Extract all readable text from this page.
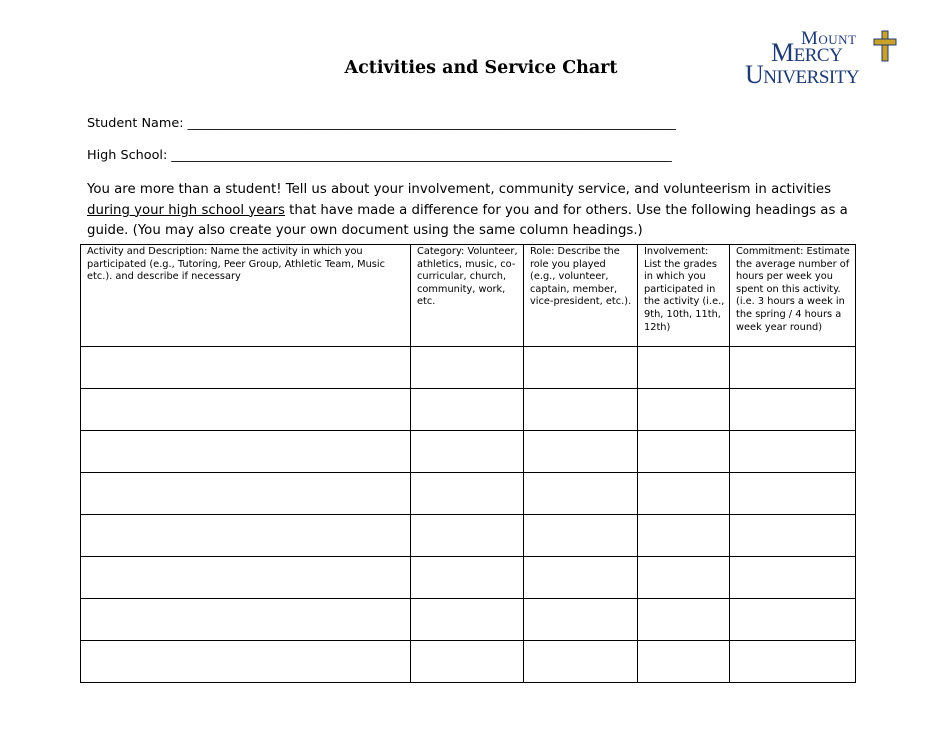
Activities and Service Chart
MOUNT
MERCY
UNIVERSITY
Student Name: ________________________________________________________________________________
High School: __________________________________________________________________________________
You are more than a student! Tell us about your involvement, community service, and volunteerism in activities during your high school years that have made a difference for you and for others. Use the following headings as a guide. (You may also create your own document using the same column headings.)
Activity and Description: Name the activity in which you participated (e.g., Tutoring, Peer Group, Athletic Team, Music etc.). and describe if necessary	Category: Volunteer, athletics, music, co-curricular, church, community, work, etc.	Role: Describe the role you played (e.g., volunteer, captain, member, vice-president, etc.).	Involvement: List the grades in which you participated in the activity (i.e., 9th, 10th, 11th, 12th)	Commitment: Estimate the average number of hours per week you spent on this activity. (i.e. 3 hours a week in the spring / 4 hours a week year round)
